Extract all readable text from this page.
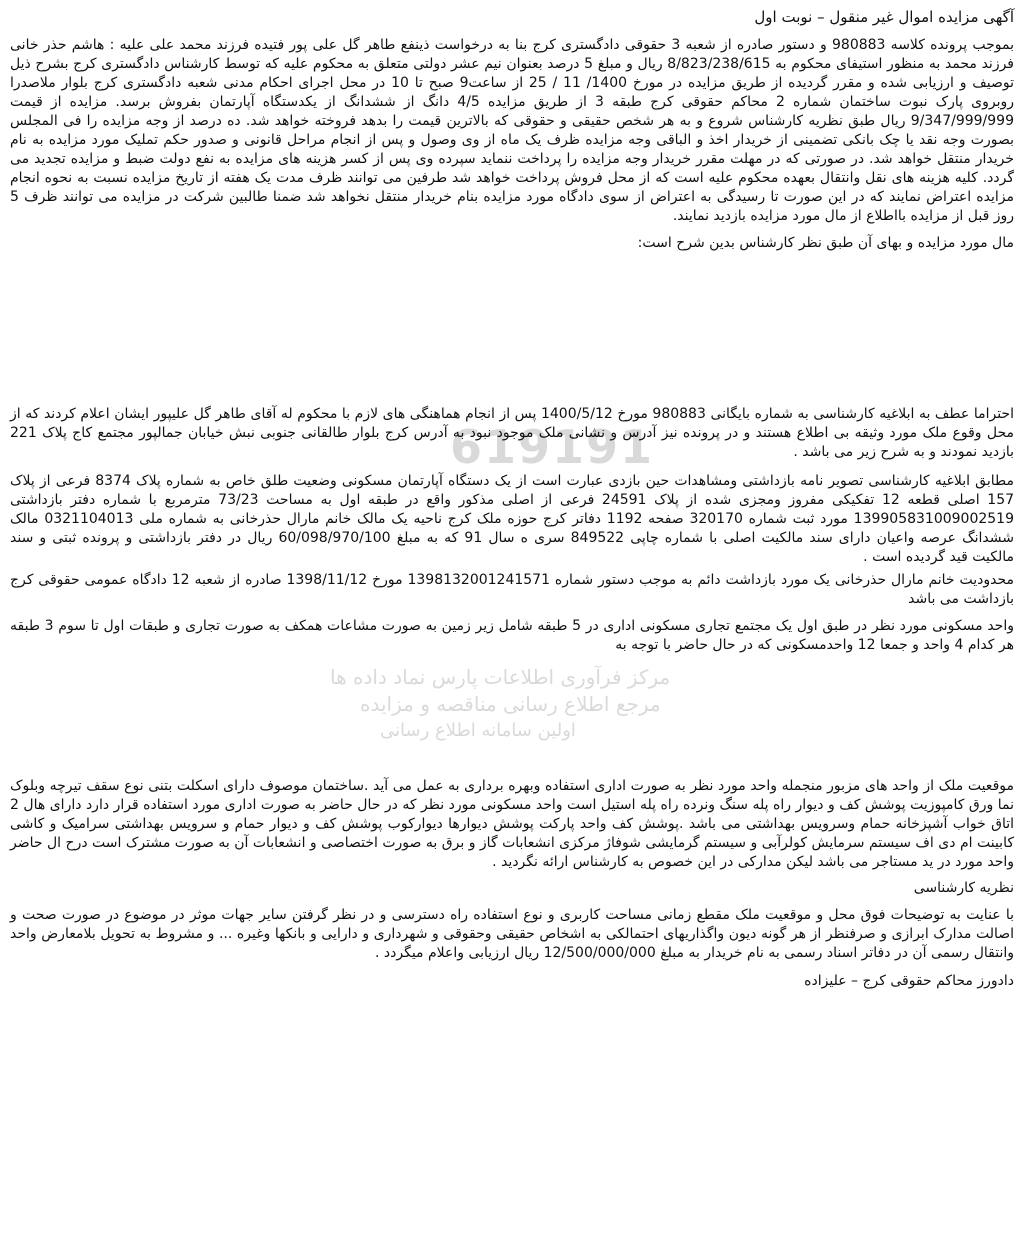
619191
مرکز فرآوری اطلاعات پارس نماد داده ها
مرجع اطلاع رسانی مناقصه و مزایده
اولین سامانه اطلاع رسانی
آگهی مزایده اموال غیر منقول – نوبت اول

بموجب پرونده کلاسه 980883 و دستور صادره از شعبه 3 حقوقی دادگستری کرج بنا به درخواست ذینفع طاهر گل علی پور فتیده فرزند محمد علی علیه : هاشم حذر خانی فرزند محمد به منظور استیفای محکوم به 8/823/238/615 ریال و مبلغ 5 درصد بعنوان نیم عشر دولتی متعلق به محکوم علیه که توسط کارشناس دادگستری کرج بشرح ذیل توصیف و ارزیابی شده و مقرر گردیده از طریق مزایده در مورخ 1400/ 11 / 25 از ساعت9 صبح تا 10 در محل اجرای احکام مدنی شعبه دادگستری کرج بلوار ملاصدرا روبروی پارک نبوت ساختمان شماره 2 محاکم حقوقی کرج طبقه 3 از طریق مزایده 4/5 دانگ از ششدانگ از یکدستگاه آپارتمان بفروش برسد. مزایده از قیمت 9/347/999/999 ریال طبق نظریه کارشناس شروع و به هر شخص حقیقی و حقوقی که بالاترین قیمت را بدهد فروخته خواهد شد. ده درصد از وجه مزایده را فی المجلس بصورت وجه نقد یا چک بانکی تضمینی از خریدار اخذ و الباقی وجه مزایده ظرف یک ماه از وی وصول و پس از انجام مراحل قانونی و صدور حکم تملیک مورد مزایده به نام خریدار منتقل خواهد شد. در صورتی که در مهلت مقرر خریدار وجه مزایده را پرداخت ننماید سپرده وی پس از کسر هزینه های مزایده به نفع دولت ضبط و مزایده تجدید می گردد. کلیه هزینه های نقل وانتقال بعهده محکوم علیه است که از محل فروش پرداخت خواهد شد طرفین می توانند ظرف مدت یک هفته از تاریخ مزایده نسبت به نحوه انجام مزایده اعتراض نمایند که در این صورت تا رسیدگی به اعتراض از سوی دادگاه مورد مزایده بنام خریدار منتقل نخواهد شد ضمنا طالبین شرکت در مزایده می توانند ظرف 5 روز قبل از مزایده بااطلاع از مال مورد مزایده بازدید نمایند.

مال مورد مزایده و بهای آن طبق نظر کارشناس بدین شرح است:

احتراما عطف به ابلاغیه کارشناسی به شماره بایگانی 980883 مورخ 1400/5/12 پس از انجام هماهنگی های لازم با محکوم له آقای طاهر گل علیپور ایشان اعلام کردند که از محل وقوع ملک مورد وثیقه بی اطلاع هستند و در پرونده نیز آدرس و نشانی ملک موجود نبود به آدرس کرج بلوار طالقانی جنوبی نبش خیابان جمالپور مجتمع کاج پلاک 221 بازدید نمودند و به شرح زیر می باشد .

مطابق ابلاغیه کارشناسی تصویر نامه بازداشتی ومشاهدات حین بازدی عبارت است از یک دستگاه آپارتمان مسکونی وضعیت طلق خاص به شماره پلاک 8374 فرعی از پلاک 157 اصلی قطعه 12 تفکیکی مفروز ومجزی شده از پلاک 24591 فرعی از اصلی مذکور واقع در طبقه اول به مساحت 73/23 مترمربع با شماره دفتر بازداشتی 13990583100900251​9 مورد ثبت شماره 320170 صفحه 1192 دفاتر کرج حوزه ملک کرج ناحیه یک مالک خانم مارال حذرخانی به شماره ملی 0321104013 مالک ششدانگ عرصه واعیان دارای سند مالکیت اصلی با شماره چاپی 849522 سری ه سال 91 که به مبلغ 60/098/970/100 ریال در دفتر بازداشتی و پرونده ثبتی و سند مالکیت قید گردیده است .

محدودیت خانم مارال حذرخانی یک مورد بازداشت دائم به موجب دستور شماره 1398132001241571 مورخ 1398/11/12 صادره از شعبه 12 دادگاه عمومی حقوقی کرج بازداشت می باشد

واحد مسکونی مورد نظر در طبق اول یک مجتمع تجاری مسکونی اداری در 5 طبقه شامل زیر زمین به صورت مشاعات همکف به صورت تجاری و طبقات اول تا سوم 3 طبقه هر کدام 4 واحد و جمعا 12 واحدمسکونی که در حال حاضر با توجه به

موقعیت ملک از واحد های مزبور منجمله واحد مورد نظر به صورت اداری استفاده وبهره برداری به عمل می آید .ساختمان موصوف دارای اسکلت بتنی نوع سقف تیرچه وبلوک نما ورق کامپوزیت پوشش کف و دیوار راه پله سنگ ونرده راه پله استیل است واحد مسکونی مورد نظر که در حال حاضر به صورت اداری مورد استفاده قرار دارد دارای هال 2 اتاق خواب آشپزخانه حمام وسرویس بهداشتی می باشد .پوشش کف واحد پارکت پوشش دیوارها دیوارکوب پوشش کف و دیوار حمام و سرویس بهداشتی سرامیک و کاشی کابینت ام دی اف سیستم سرمایش کولرآبی و سیستم گرمایشی شوفاژ مرکزی انشعابات گاز و برق به صورت اختصاصی و انشعابات آن به صورت مشترک است درح ال حاضر واحد مورد در ید مستاجر می باشد لیکن مدارکی در این خصوص به کارشناس ارائه نگردید .

نظریه کارشناسی

با عنایت به توضیحات فوق محل و موقعیت ملک مقطع زمانی مساحت کاربری و نوع استفاده راه دسترسی و در نظر گرفتن سایر جهات موثر در موضوع در صورت صحت و اصالت مدارک ابرازی و صرفنظر از هر گونه دیون واگذاریهای احتمالکی به اشخاص حقیقی وحقوقی و شهرداری و دارایی و بانکها وغیره ... و مشروط به تحویل بلامعارض واحد وانتقال رسمی آن در دفاتر اسناد رسمی به نام خریدار به مبلغ 12/500/000/000 ریال ارزیابی واعلام میگردد .

دادورز محاکم حقوقی کرج – علیزاده
